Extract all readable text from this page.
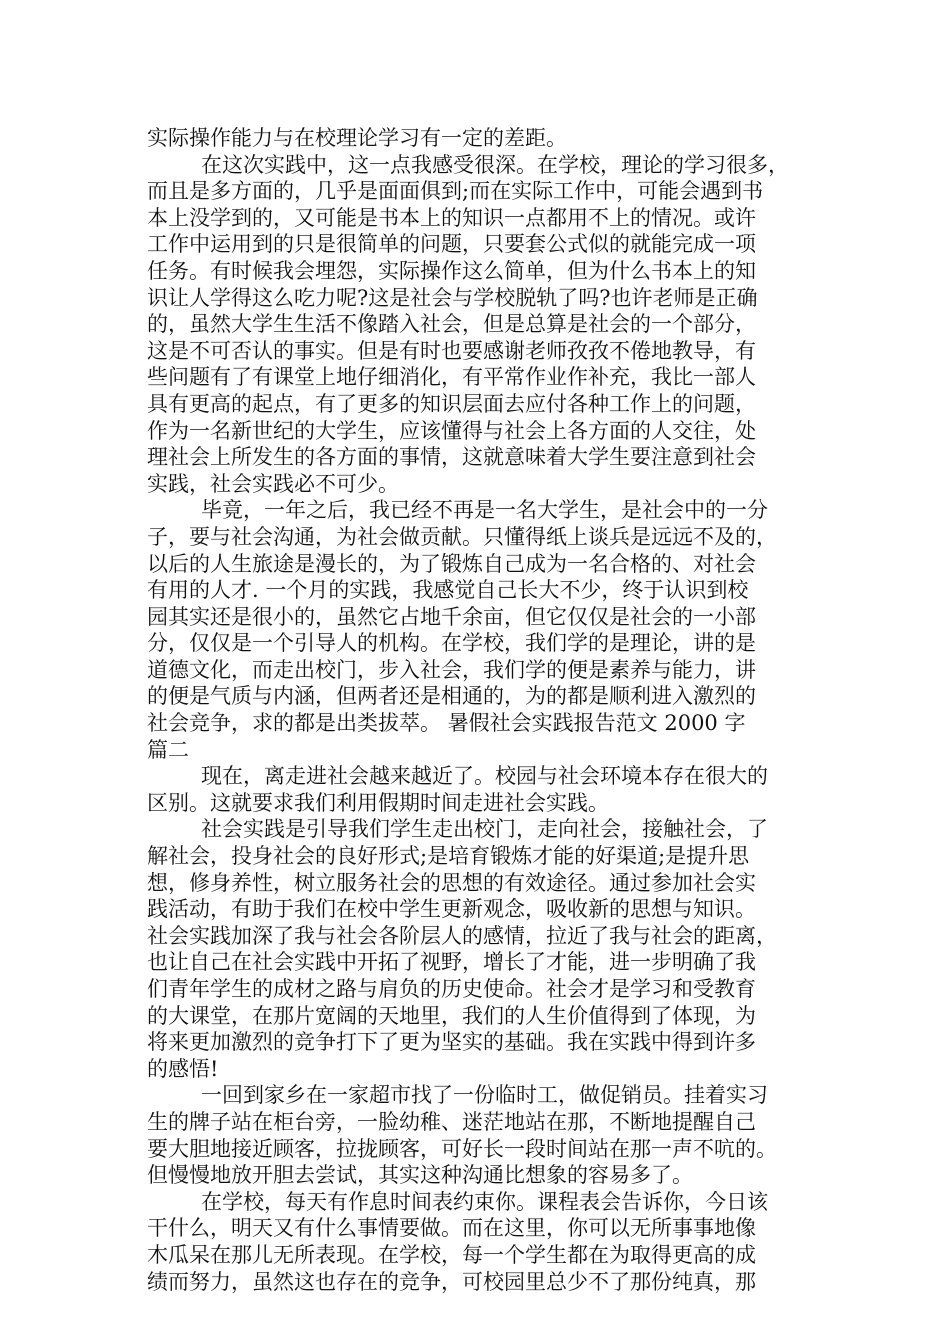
实际操作能力与在校理论学习有一定的差距。
在这次实践中，这一点我感受很深。在学校，理论的学习很多，
而且是多方面的，几乎是面面俱到;而在实际工作中，可能会遇到书
本上没学到的，又可能是书本上的知识一点都用不上的情况。或许
工作中运用到的只是很简单的问题，只要套公式似的就能完成一项
任务。有时候我会埋怨，实际操作这么简单，但为什么书本上的知
识让人学得这么吃力呢?这是社会与学校脱轨了吗?也许老师是正确
的，虽然大学生生活不像踏入社会，但是总算是社会的一个部分，
这是不可否认的事实。但是有时也要感谢老师孜孜不倦地教导，有
些问题有了有课堂上地仔细消化，有平常作业作补充，我比一部人
具有更高的起点，有了更多的知识层面去应付各种工作上的问题，
作为一名新世纪的大学生，应该懂得与社会上各方面的人交往，处
理社会上所发生的各方面的事情，这就意味着大学生要注意到社会
实践，社会实践必不可少。
毕竟，一年之后，我已经不再是一名大学生，是社会中的一分
子，要与社会沟通，为社会做贡献。只懂得纸上谈兵是远远不及的，
以后的人生旅途是漫长的，为了锻炼自己成为一名合格的、对社会
有用的人才. 一个月的实践，我感觉自己长大不少，终于认识到校
园其实还是很小的，虽然它占地千余亩，但它仅仅是社会的一小部
分，仅仅是一个引导人的机构。在学校，我们学的是理论，讲的是
道德文化，而走出校门，步入社会，我们学的便是素养与能力，讲
的便是气质与内涵，但两者还是相通的，为的都是顺利进入激烈的
社会竞争，求的都是出类拔萃。 暑假社会实践报告范文 2000 字
篇二
现在，离走进社会越来越近了。校园与社会环境本存在很大的
区别。这就要求我们利用假期时间走进社会实践。
社会实践是引导我们学生走出校门，走向社会，接触社会，了
解社会，投身社会的良好形式;是培育锻炼才能的好渠道;是提升思
想，修身养性，树立服务社会的思想的有效途径。通过参加社会实
践活动，有助于我们在校中学生更新观念，吸收新的思想与知识。
社会实践加深了我与社会各阶层人的感情，拉近了我与社会的距离，
也让自己在社会实践中开拓了视野，增长了才能，进一步明确了我
们青年学生的成材之路与肩负的历史使命。社会才是学习和受教育
的大课堂，在那片宽阔的天地里，我们的人生价值得到了体现，为
将来更加激烈的竞争打下了更为坚实的基础。我在实践中得到许多
的感悟!
一回到家乡在一家超市找了一份临时工，做促销员。挂着实习
生的牌子站在柜台旁，一脸幼稚、迷茫地站在那，不断地提醒自己
要大胆地接近顾客，拉拢顾客，可好长一段时间站在那一声不吭的。
但慢慢地放开胆去尝试，其实这种沟通比想象的容易多了。
在学校，每天有作息时间表约束你。课程表会告诉你，今日该
干什么，明天又有什么事情要做。而在这里，你可以无所事事地像
木瓜呆在那儿无所表现。在学校，每一个学生都在为取得更高的成
绩而努力，虽然这也存在的竞争，可校园里总少不了那份纯真，那
